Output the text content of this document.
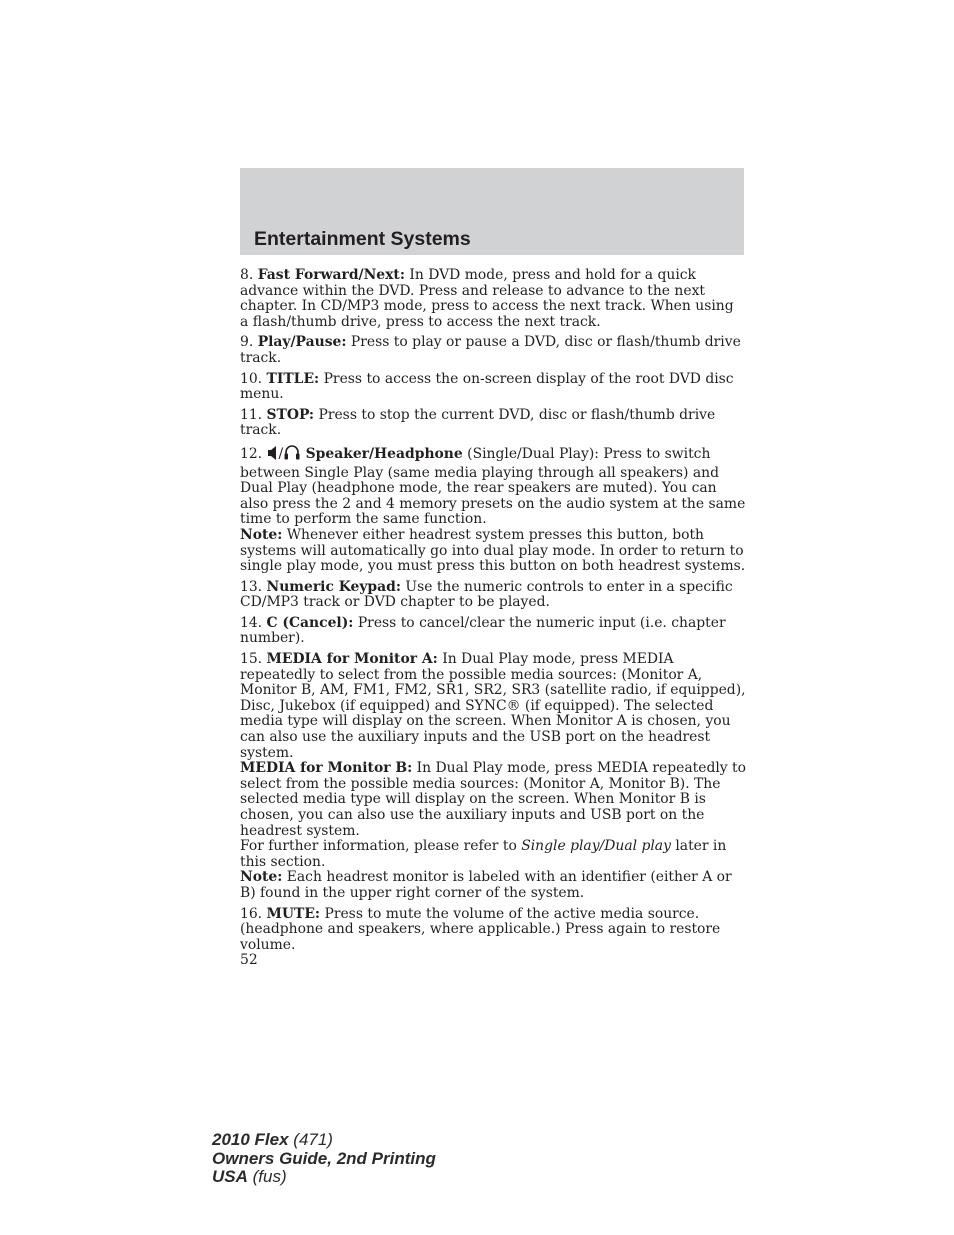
Entertainment Systems

8. Fast Forward/Next: In DVD mode, press and hold for a quick advance within the DVD. Press and release to advance to the next chapter. In CD/MP3 mode, press to access the next track. When using a flash/thumb drive, press to access the next track.

9. Play/Pause: Press to play or pause a DVD, disc or flash/thumb drive track.

10. TITLE: Press to access the on-screen display of the root DVD disc menu.

11. STOP: Press to stop the current DVD, disc or flash/thumb drive track.

12. / Speaker/Headphone (Single/Dual Play): Press to switch between Single Play (same media playing through all speakers) and Dual Play (headphone mode, the rear speakers are muted). You can also press the 2 and 4 memory presets on the audio system at the same time to perform the same function.

Note: Whenever either headrest system presses this button, both systems will automatically go into dual play mode. In order to return to single play mode, you must press this button on both headrest systems.

13. Numeric Keypad: Use the numeric controls to enter in a specific CD/MP3 track or DVD chapter to be played.

14. C (Cancel): Press to cancel/clear the numeric input (i.e. chapter number).

15. MEDIA for Monitor A: In Dual Play mode, press MEDIA repeatedly to select from the possible media sources: (Monitor A, Monitor B, AM, FM1, FM2, SR1, SR2, SR3 (satellite radio, if equipped), Disc, Jukebox (if equipped) and SYNC® (if equipped). The selected media type will display on the screen. When Monitor A is chosen, you can also use the auxiliary inputs and the USB port on the headrest system.

MEDIA for Monitor B: In Dual Play mode, press MEDIA repeatedly to select from the possible media sources: (Monitor A, Monitor B). The selected media type will display on the screen. When Monitor B is chosen, you can also use the auxiliary inputs and USB port on the headrest system.

For further information, please refer to Single play/Dual play later in this section.

Note: Each headrest monitor is labeled with an identifier (either A or B) found in the upper right corner of the system.

16. MUTE: Press to mute the volume of the active media source. (headphone and speakers, where applicable.) Press again to restore volume.

52

2010 Flex (471)
Owners Guide, 2nd Printing
USA (fus)
